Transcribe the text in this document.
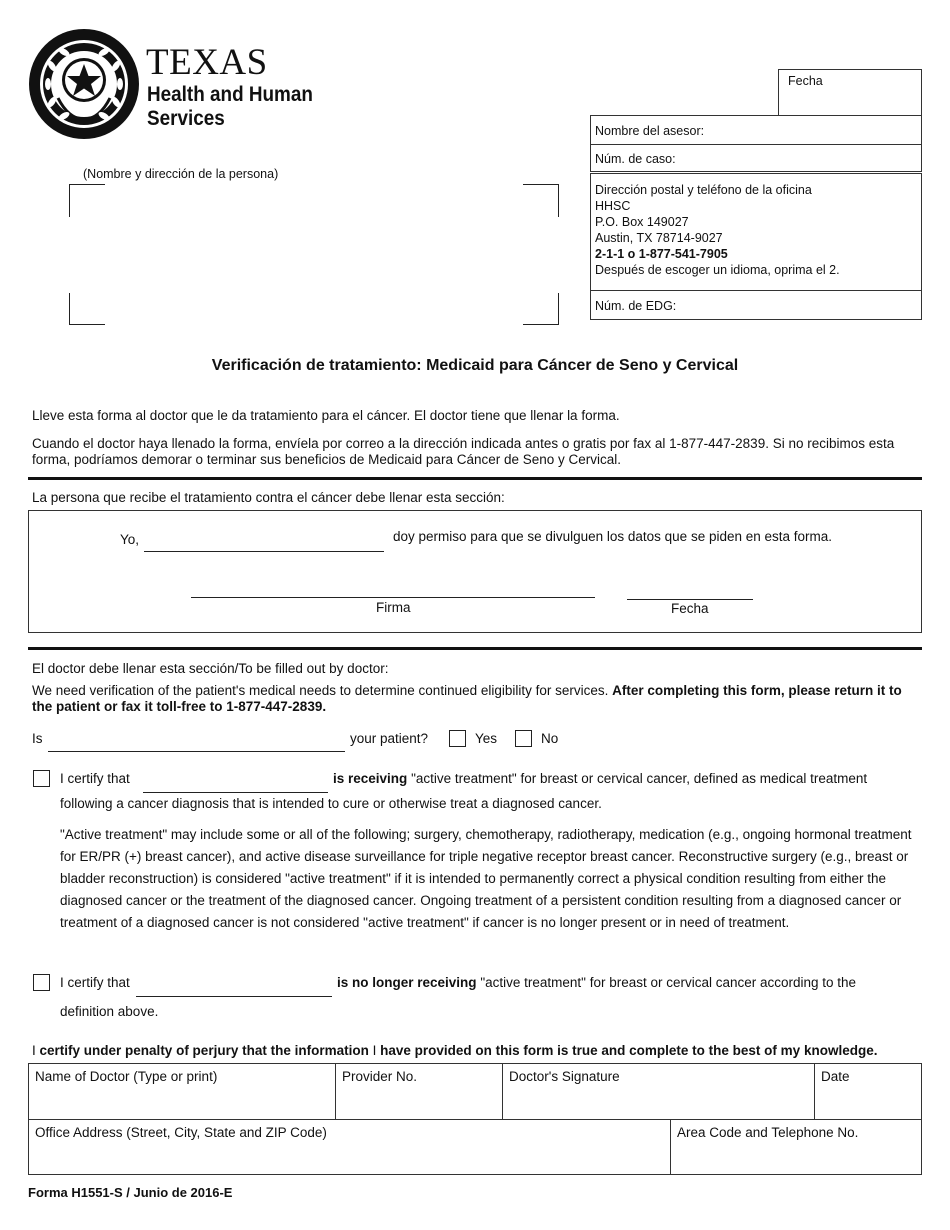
TEXAS
Health and Human
Services
Fecha
Nombre del asesor:
Núm. de caso:
Dirección postal y teléfono de la oficina
HHSC
P.O. Box 149027
Austin, TX 78714-9027
2-1-1 o 1-877-541-7905
Después de escoger un idioma, oprima el 2.
Núm. de EDG:
(Nombre y dirección de la persona)
Verificación de tratamiento: Medicaid para Cáncer de Seno y Cervical
Lleve esta forma al doctor que le da tratamiento para el cáncer. El doctor tiene que llenar la forma.
Cuando el doctor haya llenado la forma, envíela por correo a la dirección indicada antes o gratis por fax al 1-877-447-2839. Si no recibimos esta forma, podríamos demorar o terminar sus beneficios de Medicaid para Cáncer de Seno y Cervical.
La persona que recibe el tratamiento contra el cáncer debe llenar esta sección:
Yo,	doy permiso para que se divulguen los datos que se piden en esta forma.
Firma	Fecha
El doctor debe llenar esta sección/To be filled out by doctor:
We need verification of the patient's medical needs to determine continued eligibility for services. After completing this form, please return it to the patient or fax it toll-free to 1-877-447-2839.
Is	your patient?	Yes	No
I certify that	is receiving "active treatment" for breast or cervical cancer, defined as medical treatment
following a cancer diagnosis that is intended to cure or otherwise treat a diagnosed cancer.
"Active treatment" may include some or all of the following; surgery, chemotherapy, radiotherapy, medication (e.g., ongoing hormonal treatment for ER/PR (+) breast cancer), and active disease surveillance for triple negative receptor breast cancer. Reconstructive surgery (e.g., breast or bladder reconstruction) is considered "active treatment" if it is intended to permanently correct a physical condition resulting from either the diagnosed cancer or the treatment of the diagnosed cancer. Ongoing treatment of a persistent condition resulting from a diagnosed cancer or treatment of a diagnosed cancer is not considered "active treatment" if cancer is no longer present or in need of treatment.
I certify that	is no longer receiving "active treatment" for breast or cervical cancer according to the
definition above.
I certify under penalty of perjury that the information I have provided on this form is true and complete to the best of my knowledge.
Name of Doctor (Type or print)	Provider No.	Doctor's Signature	Date
Office Address (Street, City, State and ZIP Code)	Area Code and Telephone No.
Forma H1551-S / Junio de 2016-E
